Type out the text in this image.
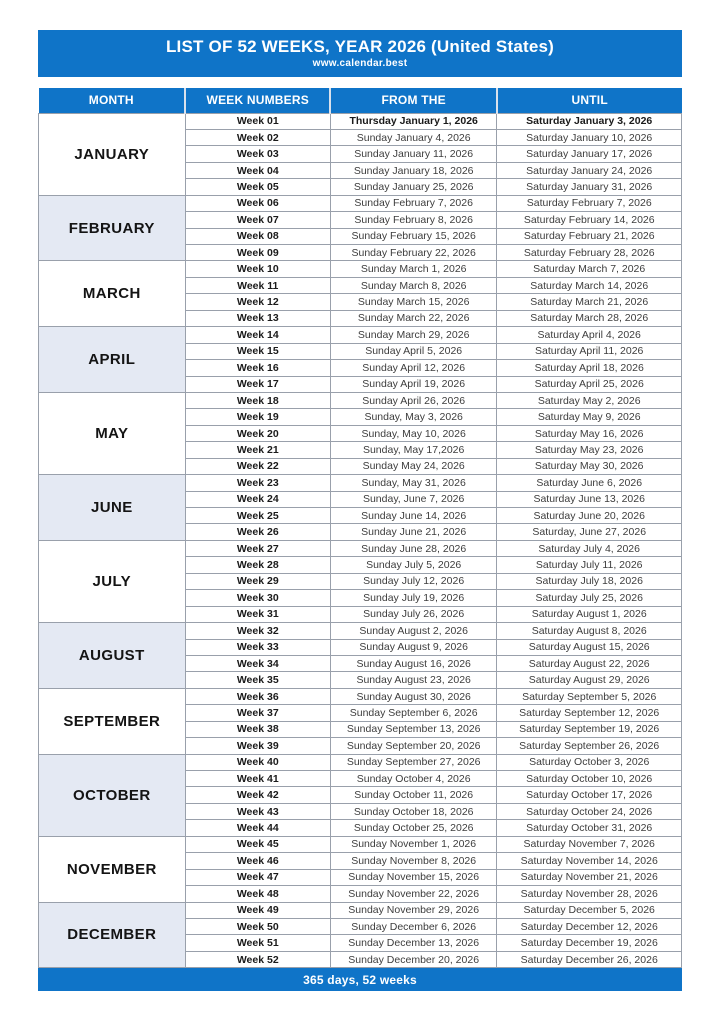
LIST OF 52 WEEKS, YEAR 2026 (United States)
www.calendar.best
MONTH	WEEK NUMBERS	FROM THE	UNTIL
JANUARY	Week 01	Thursday January 1, 2026	Saturday January 3, 2026
	Week 02	Sunday January 4, 2026	Saturday January 10, 2026
	Week 03	Sunday January 11, 2026	Saturday January 17, 2026
	Week 04	Sunday January 18, 2026	Saturday January 24, 2026
	Week 05	Sunday January 25, 2026	Saturday January 31, 2026
FEBRUARY	Week 06	Sunday February 7, 2026	Saturday February 7, 2026
	Week 07	Sunday February 8, 2026	Saturday February 14, 2026
	Week 08	Sunday February 15, 2026	Saturday February 21, 2026
	Week 09	Sunday February 22, 2026	Saturday February 28, 2026
MARCH	Week 10	Sunday March 1, 2026	Saturday March 7, 2026
	Week 11	Sunday March 8, 2026	Saturday March 14, 2026
	Week 12	Sunday March 15, 2026	Saturday March 21, 2026
	Week 13	Sunday March 22, 2026	Saturday March 28, 2026
APRIL	Week 14	Sunday March 29, 2026	Saturday April 4, 2026
	Week 15	Sunday April 5, 2026	Saturday April 11, 2026
	Week 16	Sunday April 12, 2026	Saturday April 18, 2026
	Week 17	Sunday April 19, 2026	Saturday April 25, 2026
MAY	Week 18	Sunday April 26, 2026	Saturday May 2, 2026
	Week 19	Sunday, May 3, 2026	Saturday May 9, 2026
	Week 20	Sunday, May 10, 2026	Saturday May 16, 2026
	Week 21	Sunday, May 17,2026	Saturday May 23, 2026
	Week 22	Sunday May 24, 2026	Saturday May 30, 2026
JUNE	Week 23	Sunday, May 31, 2026	Saturday June 6, 2026
	Week 24	Sunday, June 7, 2026	Saturday June 13, 2026
	Week 25	Sunday June 14, 2026	Saturday June 20, 2026
	Week 26	Sunday June 21, 2026	Saturday, June 27, 2026
JULY	Week 27	Sunday June 28, 2026	Saturday July 4, 2026
	Week 28	Sunday July 5, 2026	Saturday July 11, 2026
	Week 29	Sunday July 12, 2026	Saturday July 18, 2026
	Week 30	Sunday July 19, 2026	Saturday July 25, 2026
	Week 31	Sunday July 26, 2026	Saturday August 1, 2026
AUGUST	Week 32	Sunday August 2, 2026	Saturday August 8, 2026
	Week 33	Sunday August 9, 2026	Saturday August 15, 2026
	Week 34	Sunday August 16, 2026	Saturday August 22, 2026
	Week 35	Sunday August 23, 2026	Saturday August 29, 2026
SEPTEMBER	Week 36	Sunday August 30, 2026	Saturday September 5, 2026
	Week 37	Sunday September 6, 2026	Saturday September 12, 2026
	Week 38	Sunday September 13, 2026	Saturday September 19, 2026
	Week 39	Sunday September 20, 2026	Saturday September 26, 2026
OCTOBER	Week 40	Sunday September 27, 2026	Saturday October 3, 2026
	Week 41	Sunday October 4, 2026	Saturday October 10, 2026
	Week 42	Sunday October 11, 2026	Saturday October 17, 2026
	Week 43	Sunday October 18, 2026	Saturday October 24, 2026
	Week 44	Sunday October 25, 2026	Saturday October 31, 2026
NOVEMBER	Week 45	Sunday November 1, 2026	Saturday November 7, 2026
	Week 46	Sunday November 8, 2026	Saturday November 14, 2026
	Week 47	Sunday November 15, 2026	Saturday November 21, 2026
	Week 48	Sunday November 22, 2026	Saturday November 28, 2026
DECEMBER	Week 49	Sunday November 29, 2026	Saturday December 5, 2026
	Week 50	Sunday December 6, 2026	Saturday December 12, 2026
	Week 51	Sunday December 13, 2026	Saturday December 19, 2026
	Week 52	Sunday December 20, 2026	Saturday December 26, 2026
365 days, 52 weeks
